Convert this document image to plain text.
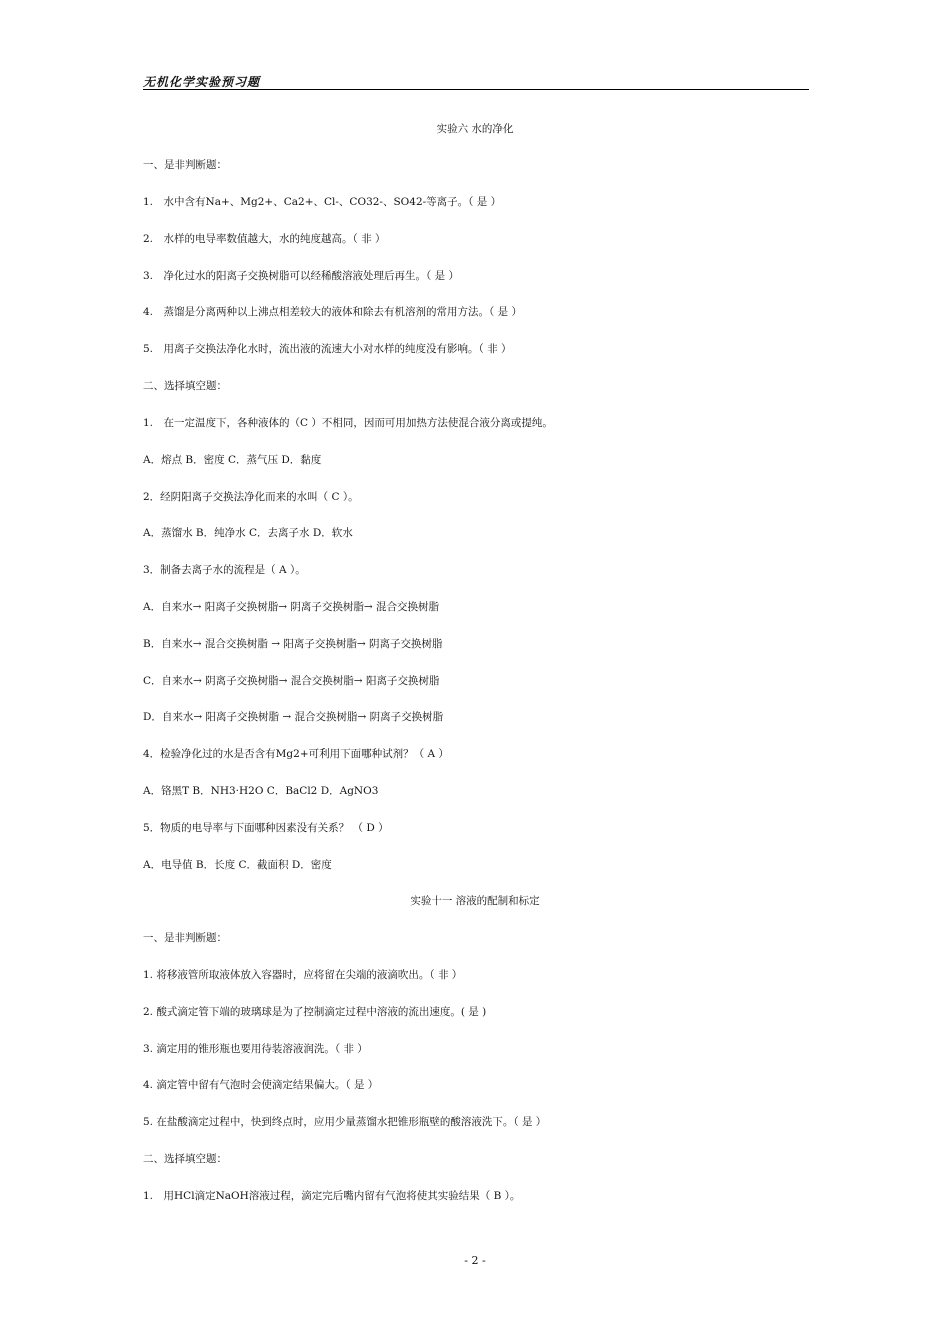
无机化学实验预习题
实验六 水的净化
一、是非判断题：
1.　水中含有Na+、Mg2+、Ca2+、Cl-、CO32-、SO42-等离子。（ 是 ）
2.　水样的电导率数值越大，水的纯度越高。（ 非 ）
3.　净化过水的阳离子交换树脂可以经稀酸溶液处理后再生。（ 是 ）
4.　蒸馏是分离两种以上沸点相差较大的液体和除去有机溶剂的常用方法。（ 是 ）
5.　用离子交换法净化水时，流出液的流速大小对水样的纯度没有影响。（ 非 ）
二、选择填空题：
1.　在一定温度下，各种液体的（C ）不相同，因而可用加热方法使混合液分离或提纯。
A．熔点 B．密度 C．蒸气压 D．黏度
2．经阴阳离子交换法净化而来的水叫（ C ）。
A．蒸馏水 B．纯净水 C．去离子水 D．软水
3．制备去离子水的流程是（ A ）。
A．自来水→ 阳离子交换树脂→ 阴离子交换树脂→ 混合交换树脂
B．自来水→ 混合交换树脂 → 阳离子交换树脂→ 阴离子交换树脂
C．自来水→ 阴离子交换树脂→ 混合交换树脂→ 阳离子交换树脂
D．自来水→ 阳离子交换树脂 → 混合交换树脂→ 阴离子交换树脂
4．检验净化过的水是否含有Mg2+可利用下面哪种试剂？（ A ）
A．铬黑T B．NH3·H2O C．BaCl2 D．AgNO3
5．物质的电导率与下面哪种因素没有关系？ （ D ）
A．电导值 B．长度 C．截面积 D．密度
实验十一 溶液的配制和标定
一、是非判断题：
1. 将移液管所取液体放入容器时，应将留在尖端的液滴吹出。（ 非 ）
2. 酸式滴定管下端的玻璃球是为了控制滴定过程中溶液的流出速度。( 是 )
3. 滴定用的锥形瓶也要用待装溶液润洗。（ 非 ）
4. 滴定管中留有气泡时会使滴定结果偏大。（ 是 ）
5. 在盐酸滴定过程中，快到终点时，应用少量蒸馏水把锥形瓶壁的酸溶液洗下。（ 是 ）
二、选择填空题：
1.　用HCl滴定NaOH溶液过程，滴定完后嘴内留有气泡将使其实验结果（ B ）。
- 2 -
